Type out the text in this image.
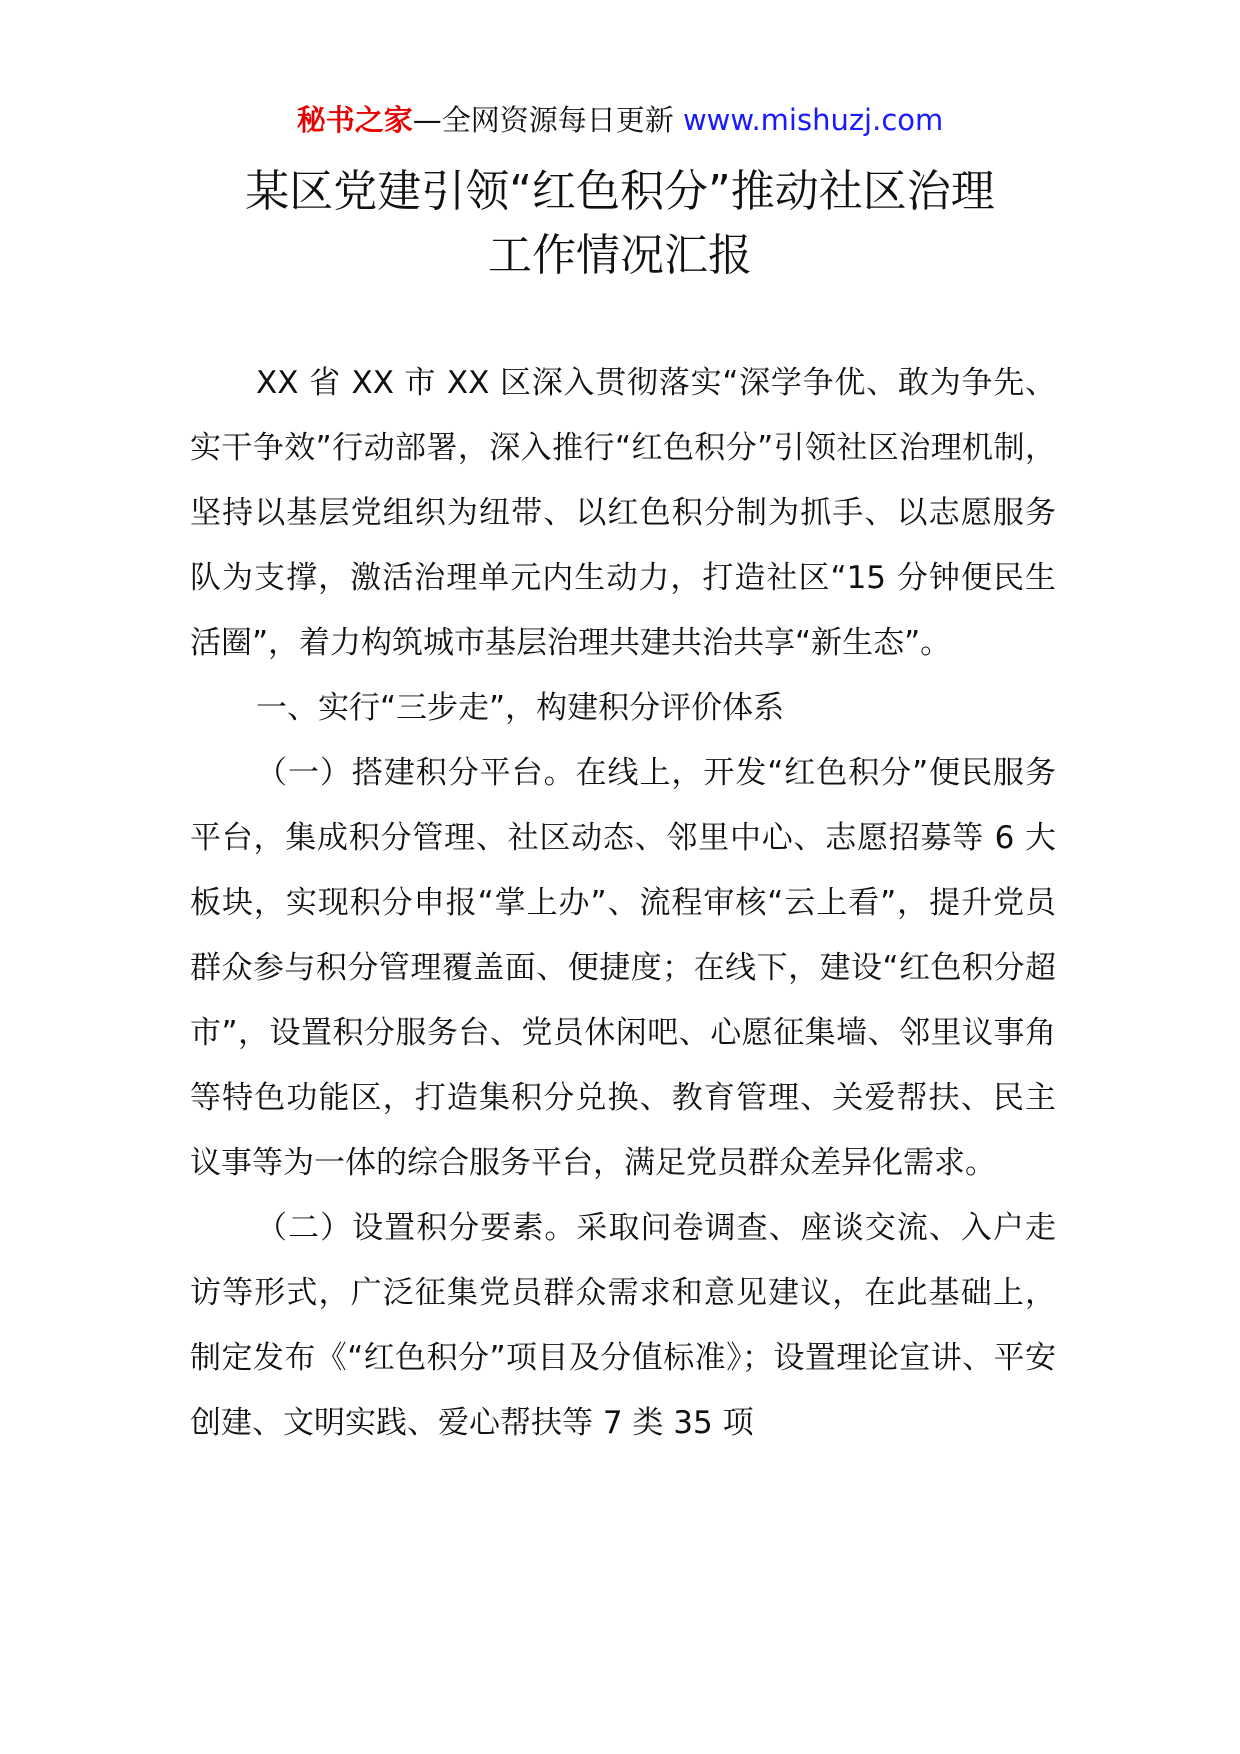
秘书之家—全网资源每日更新 www.mishuzj.com
某区党建引领“红色积分”推动社区治理
工作情况汇报

XX 省 XX 市 XX 区深入贯彻落实“深学争优、敢为争先、实干争效”行动部署，深入推行“红色积分”引领社区治理机制，坚持以基层党组织为纽带、以红色积分制为抓手、以志愿服务队为支撑，激活治理单元内生动力，打造社区“15 分钟便民生活圈”，着力构筑城市基层治理共建共治共享“新生态”。

一、实行“三步走”，构建积分评价体系

（一）搭建积分平台。在线上，开发“红色积分”便民服务平台，集成积分管理、社区动态、邻里中心、志愿招募等 6 大板块，实现积分申报“掌上办”、流程审核“云上看”，提升党员群众参与积分管理覆盖面、便捷度；在线下，建设“红色积分超市”，设置积分服务台、党员休闲吧、心愿征集墙、邻里议事角等特色功能区，打造集积分兑换、教育管理、关爱帮扶、民主议事等为一体的综合服务平台，满足党员群众差异化需求。

（二）设置积分要素。采取问卷调查、座谈交流、入户走访等形式，广泛征集党员群众需求和意见建议，在此基础上，制定发布《“红色积分”项目及分值标准》；设置理论宣讲、平安创建、文明实践、爱心帮扶等 7 类 35 项
